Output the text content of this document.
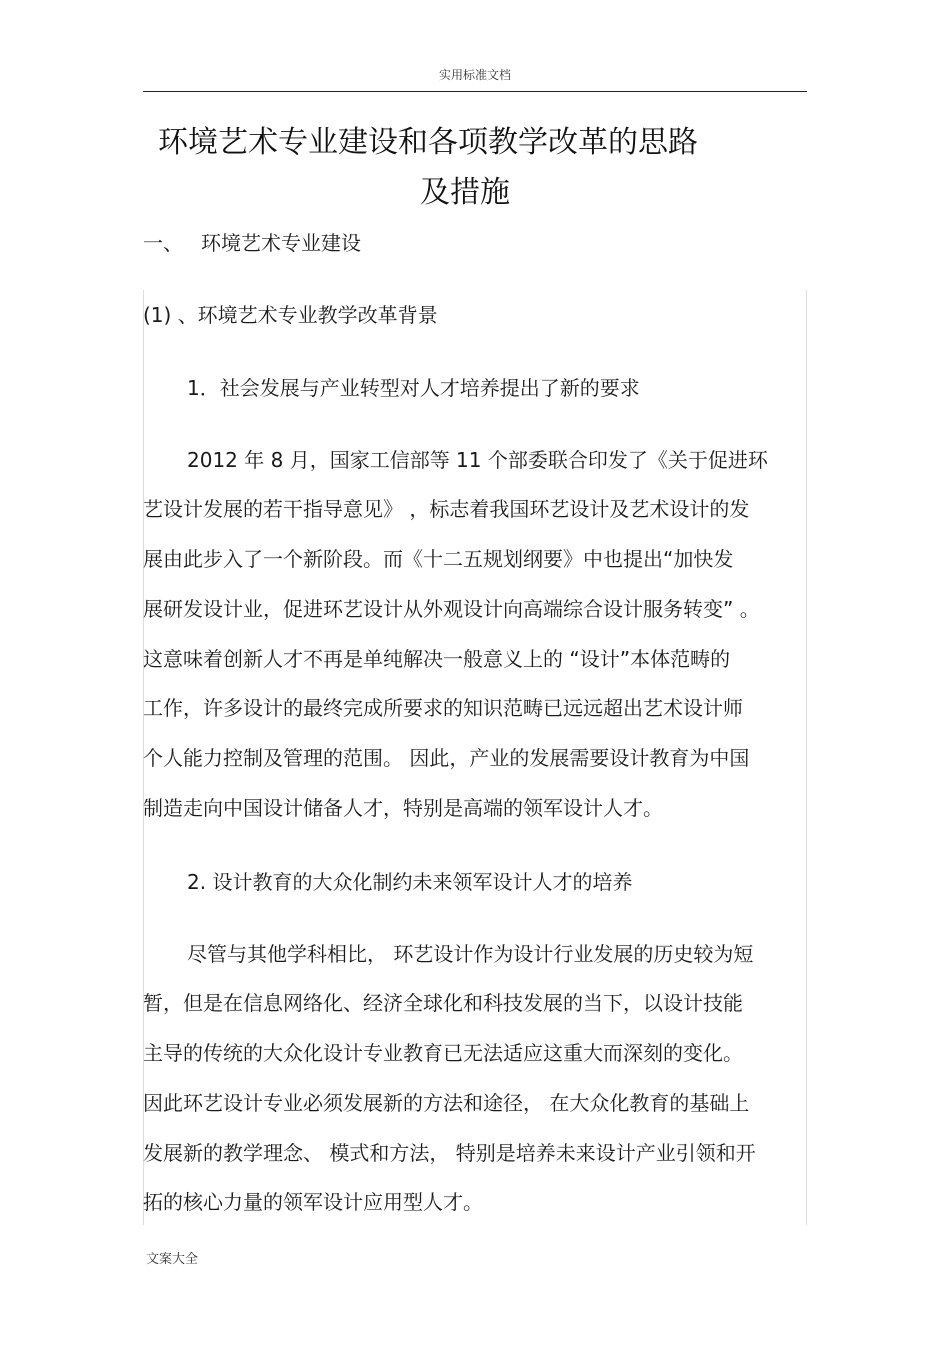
实用标准文档
环境艺术专业建设和各项教学改革的思路
及措施
一、 环境艺术专业建设
(1) 、环境艺术专业教学改革背景
1．社会发展与产业转型对人才培养提出了新的要求
2012 年 8 月，国家工信部等 11 个部委联合印发了《关于促进环
艺设计发展的若干指导意见》 ，标志着我国环艺设计及艺术设计的发
展由此步入了一个新阶段。而《十二五规划纲要》中也提出“加快发
展研发设计业，促进环艺设计从外观设计向高端综合设计服务转变” 。
这意味着创新人才不再是单纯解决一般意义上的 “设计”本体范畴的
工作，许多设计的最终完成所要求的知识范畴已远远超出艺术设计师
个人能力控制及管理的范围。 因此，产业的发展需要设计教育为中国
制造走向中国设计储备人才，特别是高端的领军设计人才。
2. 设计教育的大众化制约未来领军设计人才的培养
尽管与其他学科相比， 环艺设计作为设计行业发展的历史较为短
暂，但是在信息网络化、经济全球化和科技发展的当下，以设计技能
主导的传统的大众化设计专业教育已无法适应这重大而深刻的变化。
因此环艺设计专业必须发展新的方法和途径， 在大众化教育的基础上
发展新的教学理念、 模式和方法， 特别是培养未来设计产业引领和开
拓的核心力量的领军设计应用型人才。
文案大全
